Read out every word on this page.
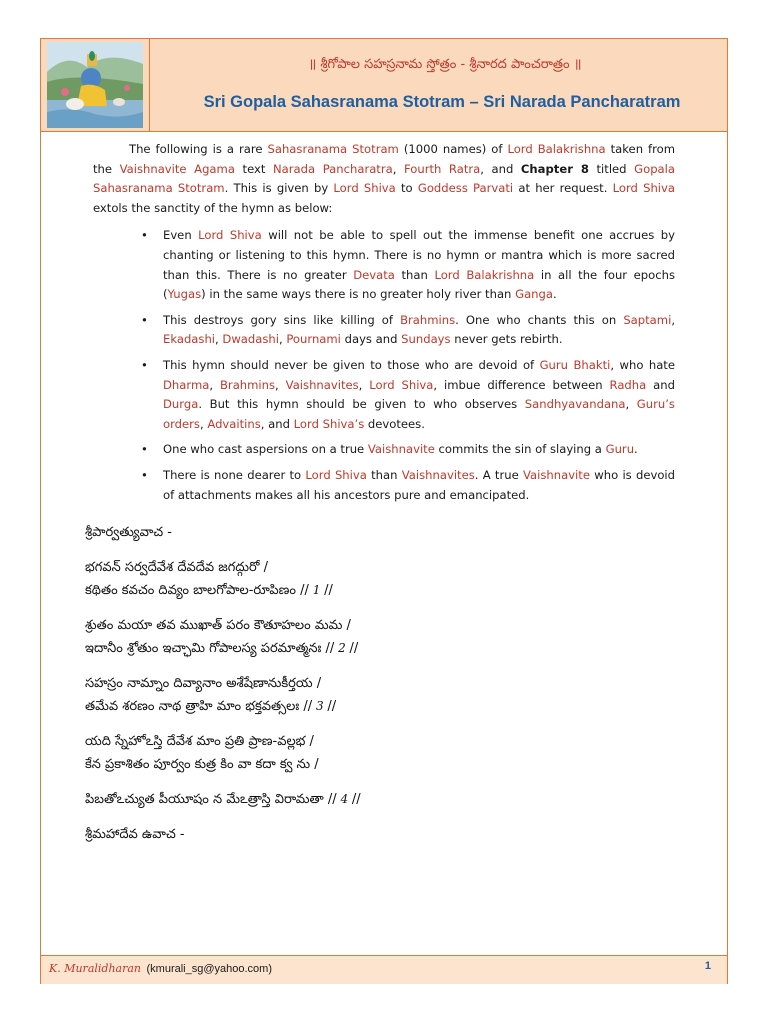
॥ శ్రీగోపాల సహస్రనామ స్తోత్రం - శ్రీనారద పాంచరాత్రం ॥
Sri Gopala Sahasranama Stotram – Sri Narada Pancharatram

The following is a rare Sahasranama Stotram (1000 names) of Lord Balakrishna taken from the Vaishnavite Agama text Narada Pancharatra, Fourth Ratra, and Chapter 8 titled Gopala Sahasranama Stotram. This is given by Lord Shiva to Goddess Parvati at her request. Lord Shiva extols the sanctity of the hymn as below:

• Even Lord Shiva will not be able to spell out the immense benefit one accrues by chanting or listening to this hymn. There is no hymn or mantra which is more sacred than this. There is no greater Devata than Lord Balakrishna in all the four epochs (Yugas) in the same ways there is no greater holy river than Ganga.
• This destroys gory sins like killing of Brahmins. One who chants this on Saptami, Ekadashi, Dwadashi, Pournami days and Sundays never gets rebirth.
• This hymn should never be given to those who are devoid of Guru Bhakti, who hate Dharma, Brahmins, Vaishnavites, Lord Shiva, imbue difference between Radha and Durga. But this hymn should be given to who observes Sandhyavandana, Guru’s orders, Advaitins, and Lord Shiva’s devotees.
• One who cast aspersions on a true Vaishnavite commits the sin of slaying a Guru.
• There is none dearer to Lord Shiva than Vaishnavites. A true Vaishnavite who is devoid of attachments makes all his ancestors pure and emancipated.
శ్రీపార్వత్యువాచ -
భగవన్ సర్వదేవేశ దేవదేవ జగద్గురో /
కథితం కవచం దివ్యం బాలగోపాల-రూపిణం // 1 //
శ్రుతం మయా తవ ముఖాత్ పరం కౌతూహలం మమ /
ఇదానీం శ్రోతుం ఇచ్ఛామి గోపాలస్య పరమాత్మనః // 2 //
సహస్రం నామ్నాం దివ్యానాం అశేషేణానుకీర్తయ /
తమేవ శరణం నాథ త్రాహి మాం భక్తవత్సలః // 3 //
యది స్నేహోఽస్తి దేవేశ మాం ప్రతి ప్రాణ-వల్లభ /
కేన ప్రకాశితం పూర్వం కుత్ర కిం వా కదా క్వ ను /
పిబతోఽచ్యుత పీయూషం న మేఽత్రాస్తి విరామతా // 4 //
శ్రీమహాదేవ ఉవాచ -
K. Muralidharan (kmurali_sg@yahoo.com)	1
